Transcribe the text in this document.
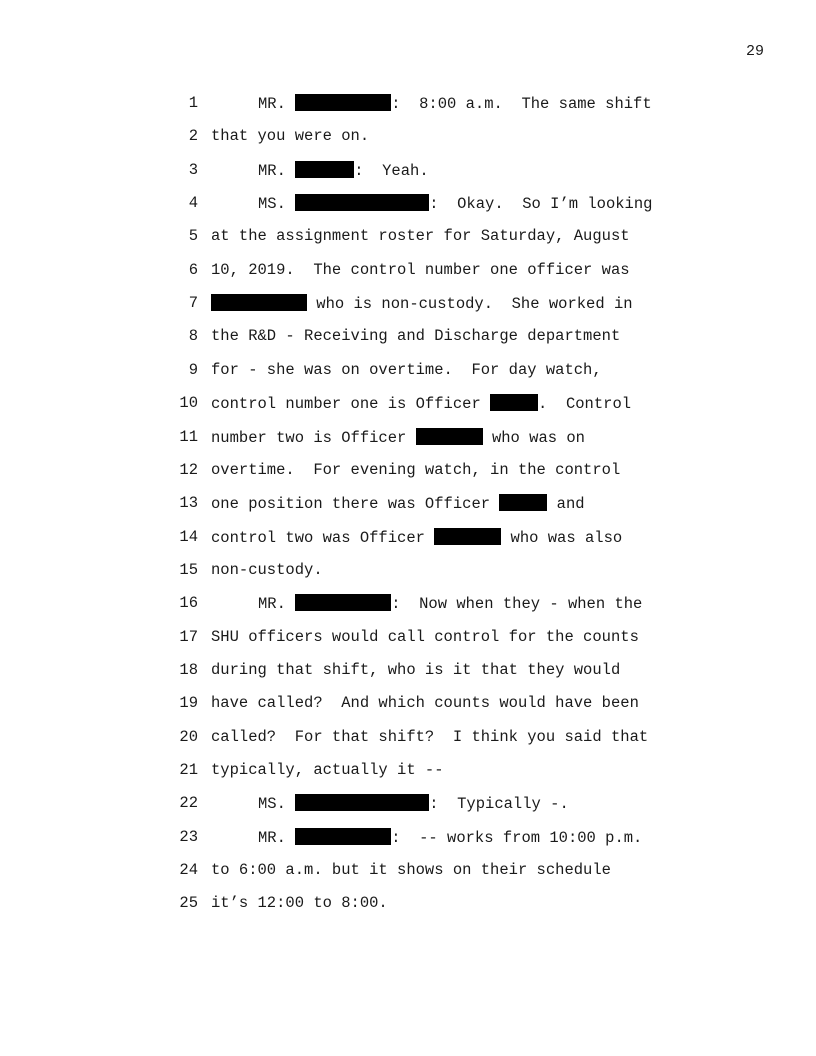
29
1	MR.	:  8:00 a.m.  The same shift
2 that you were on.
3	MR.	:  Yeah.
4	MS.	:  Okay.  So I’m looking
5 at the assignment roster for Saturday, August
6 10, 2019.  The control number one officer was
7	who is non-custody.  She worked in
8 the R&D - Receiving and Discharge department
9 for - she was on overtime.  For day watch,
10 control number one is Officer	.  Control
11 number two is Officer	who was on
12 overtime.  For evening watch, in the control
13 one position there was Officer	and
14 control two was Officer	who was also
15 non-custody.
16	MR.	:  Now when they - when the
17 SHU officers would call control for the counts
18 during that shift, who is it that they would
19 have called?  And which counts would have been
20 called?  For that shift?  I think you said that
21 typically, actually it --
22	MS.	:  Typically -.
23	MR.	:  -- works from 10:00 p.m.
24 to 6:00 a.m. but it shows on their schedule
25 it’s 12:00 to 8:00.
